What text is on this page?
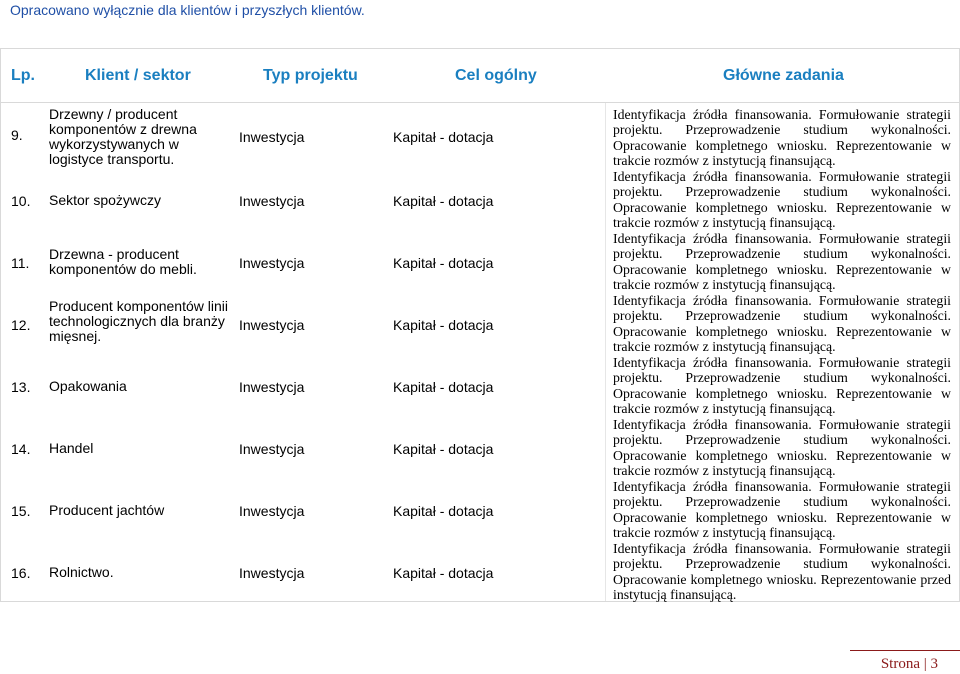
Opracowano wyłącznie dla klientów i przyszłych klientów.
Lp.	Klient / sektor	Typ projektu	Cel ogólny	Główne zadania
9.
Drzewny / producent komponentów z drewna wykorzystywanych w logistyce transportu.
Inwestycja	Kapitał - dotacja
Identyfikacja źródła finansowania. Formułowanie strategii projektu. Przeprowadzenie studium wykonalności. Opracowanie kompletnego wniosku. Reprezentowanie w trakcie rozmów z instytucją finansującą.
10. Sektor spożywczy	Inwestycja	Kapitał - dotacja
Identyfikacja źródła finansowania. Formułowanie strategii projektu. Przeprowadzenie studium wykonalności. Opracowanie kompletnego wniosku. Reprezentowanie w trakcie rozmów z instytucją finansującą.
11.
Drzewna - producent komponentów do mebli.	Inwestycja	Kapitał - dotacja
Identyfikacja źródła finansowania. Formułowanie strategii projektu. Przeprowadzenie studium wykonalności. Opracowanie kompletnego wniosku. Reprezentowanie w trakcie rozmów z instytucją finansującą.
12.
Producent komponentów linii technologicznych dla branży mięsnej.
Inwestycja	Kapitał - dotacja
Identyfikacja źródła finansowania. Formułowanie strategii projektu. Przeprowadzenie studium wykonalności. Opracowanie kompletnego wniosku. Reprezentowanie w trakcie rozmów z instytucją finansującą.
13. Opakowania	Inwestycja	Kapitał - dotacja
Identyfikacja źródła finansowania. Formułowanie strategii projektu. Przeprowadzenie studium wykonalności. Opracowanie kompletnego wniosku. Reprezentowanie w trakcie rozmów z instytucją finansującą.
14. Handel	Inwestycja	Kapitał - dotacja
Identyfikacja źródła finansowania. Formułowanie strategii projektu. Przeprowadzenie studium wykonalności. Opracowanie kompletnego wniosku. Reprezentowanie w trakcie rozmów z instytucją finansującą.
15. Producent jachtów	Inwestycja	Kapitał - dotacja
Identyfikacja źródła finansowania. Formułowanie strategii projektu. Przeprowadzenie studium wykonalności. Opracowanie kompletnego wniosku. Reprezentowanie w trakcie rozmów z instytucją finansującą.
16. Rolnictwo.	Inwestycja	Kapitał - dotacja
Identyfikacja źródła finansowania. Formułowanie strategii projektu. Przeprowadzenie studium wykonalności. Opracowanie kompletnego wniosku. Reprezentowanie przed instytucją finansującą.
Strona | 3
